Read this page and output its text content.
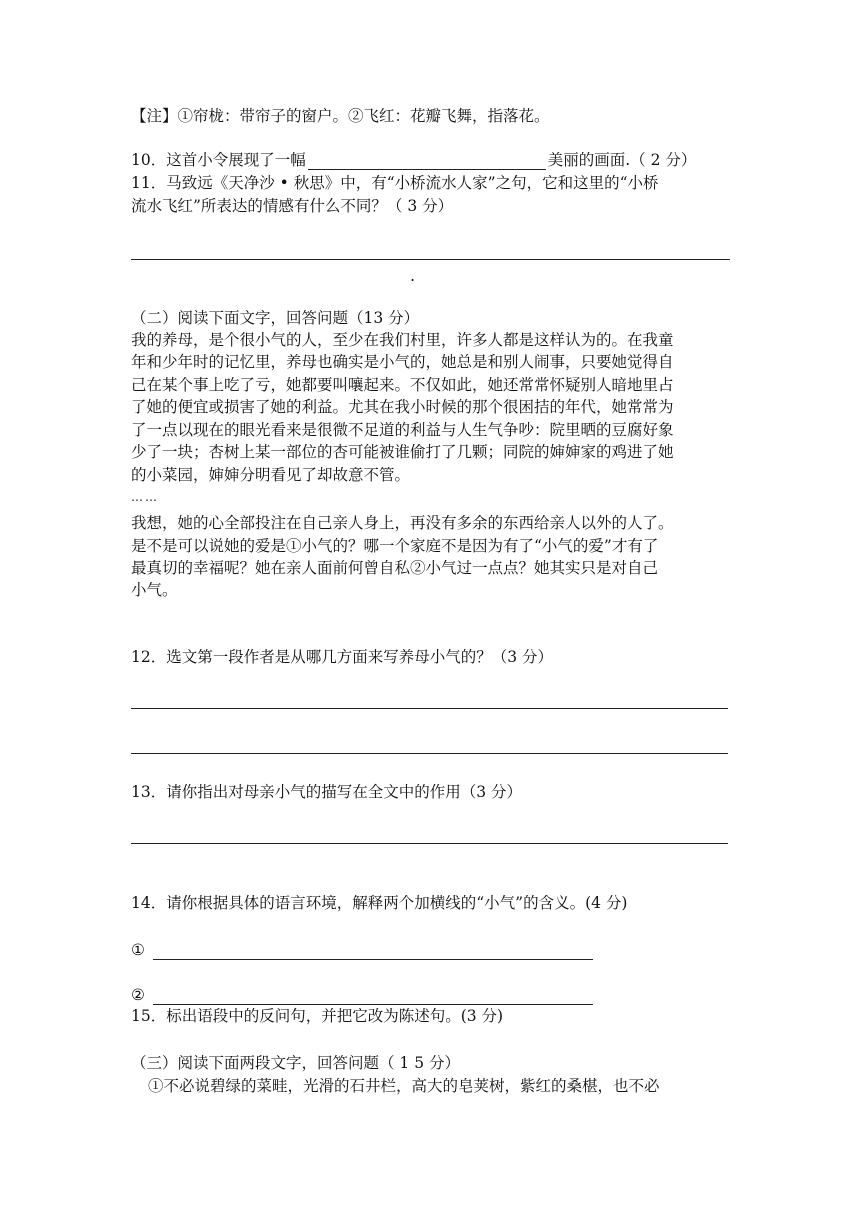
【注】①帘栊：带帘子的窗户。②飞红：花瓣飞舞，指落花。
10．这首小令展现了一幅	美丽的画面.（ 2 分）
11．马致远《天净沙 • 秋思》中，有“小桥流水人家”之句，它和这里的“小桥
流水飞红”所表达的情感有什么不同？（ 3 分）
.
（二）阅读下面文字，回答问题（13 分）
我的养母，是个很小气的人，至少在我们村里，许多人都是这样认为的。在我童
年和少年时的记忆里，养母也确实是小气的，她总是和别人闹事，只要她觉得自
己在某个事上吃了亏，她都要叫嚷起来。不仅如此，她还常常怀疑别人暗地里占
了她的便宜或损害了她的利益。尤其在我小时候的那个很困拮的年代，她常常为
了一点以现在的眼光看来是很微不足道的利益与人生气争吵：院里晒的豆腐好象
少了一块；杏树上某一部位的杏可能被谁偷打了几颗；同院的婶婶家的鸡进了她
的小菜园，婶婶分明看见了却故意不管。
……
我想，她的心全部投注在自己亲人身上，再没有多余的东西给亲人以外的人了。
是不是可以说她的爱是①小气的？哪一个家庭不是因为有了“小气的爱”才有了
最真切的幸福呢？她在亲人面前何曾自私②小气过一点点？她其实只是对自己
小气。
12．选文第一段作者是从哪几方面来写养母小气的？（3 分）
13．请你指出对母亲小气的描写在全文中的作用（3 分）
14．请你根据具体的语言环境，解释两个加横线的“小气”的含义。(4 分)
①
②
15．标出语段中的反问句，并把它改为陈述句。(3 分)
（三）阅读下面两段文字，回答问题（ 1 5 分）
①不必说碧绿的菜畦，光滑的石井栏，高大的皂荚树，紫红的桑椹，也不必
